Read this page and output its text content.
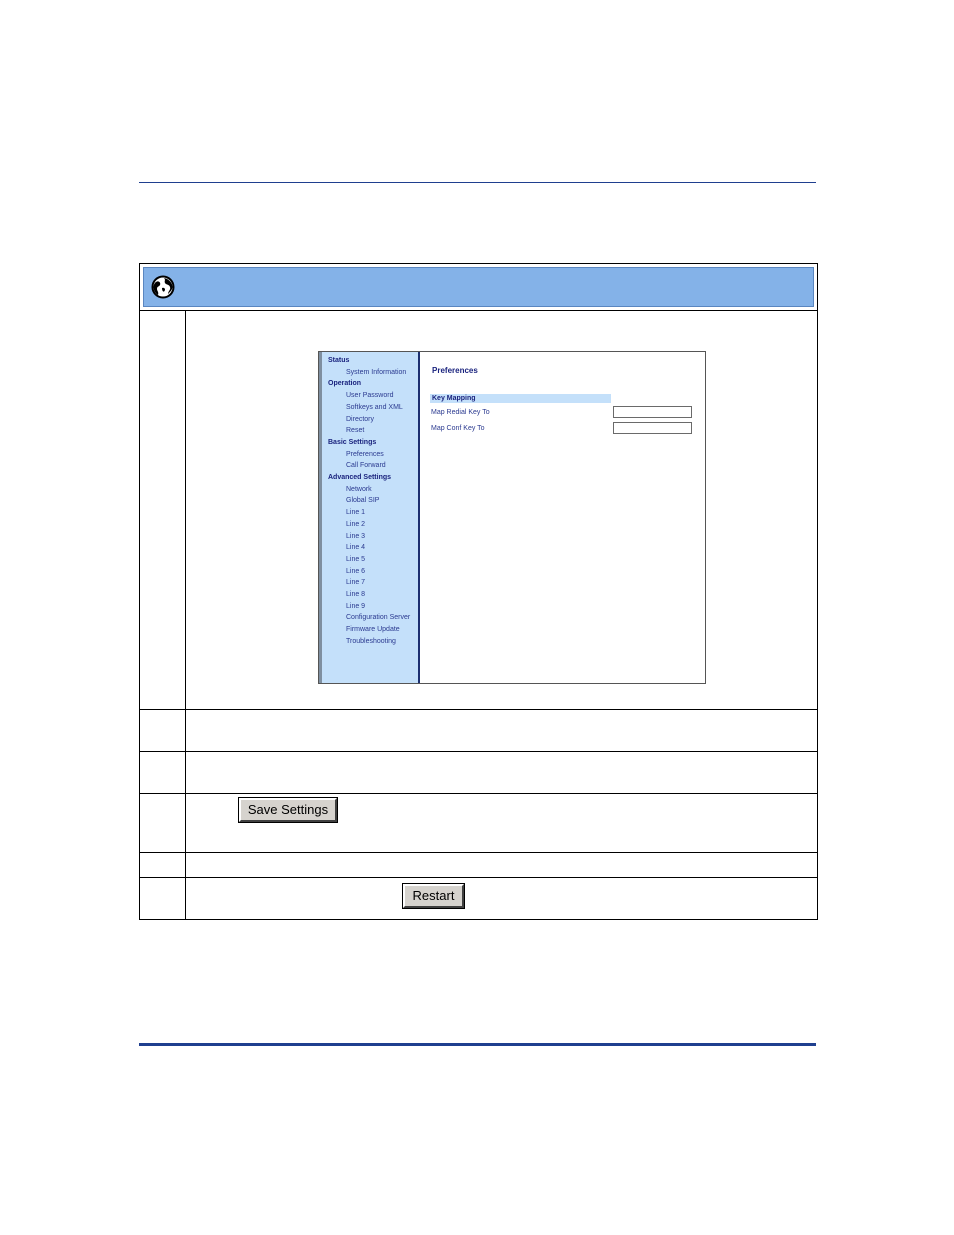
Status
System Information
Operation
User Password
Softkeys and XML
Directory
Reset
Basic Settings
Preferences
Call Forward
Advanced Settings
Network
Global SIP
Line 1
Line 2
Line 3
Line 4
Line 5
Line 6
Line 7
Line 8
Line 9
Configuration Server
Firmware Update
Troubleshooting
Preferences
Key Mapping
Map Redial Key To
Map Conf Key To
Save Settings
Restart
